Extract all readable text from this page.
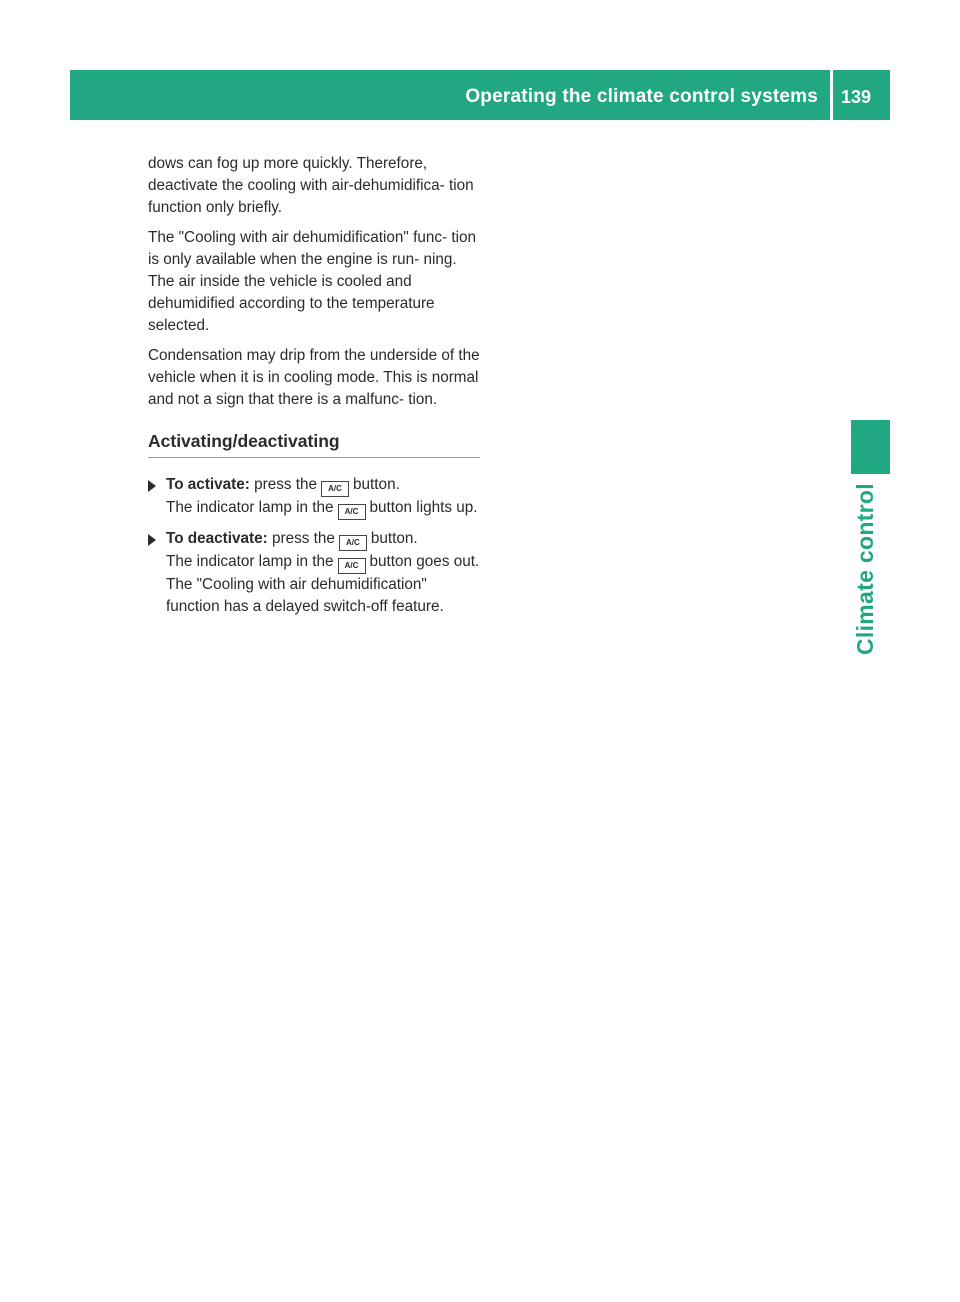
Operating the climate control systems 139
Climate control

dows can fog up more quickly. Therefore, deactivate the cooling with air-dehumidifica- tion function only briefly.

The "Cooling with air dehumidification" func- tion is only available when the engine is run- ning. The air inside the vehicle is cooled and dehumidified according to the temperature selected.

Condensation may drip from the underside of the vehicle when it is in cooling mode. This is normal and not a sign that there is a malfunc- tion.

Activating/deactivating
To activate: press the A/C button.
The indicator lamp in the A/C button lights up.
To deactivate: press the A/C button.
The indicator lamp in the A/C button goes out. The "Cooling with air dehumidification" function has a delayed switch-off feature.
